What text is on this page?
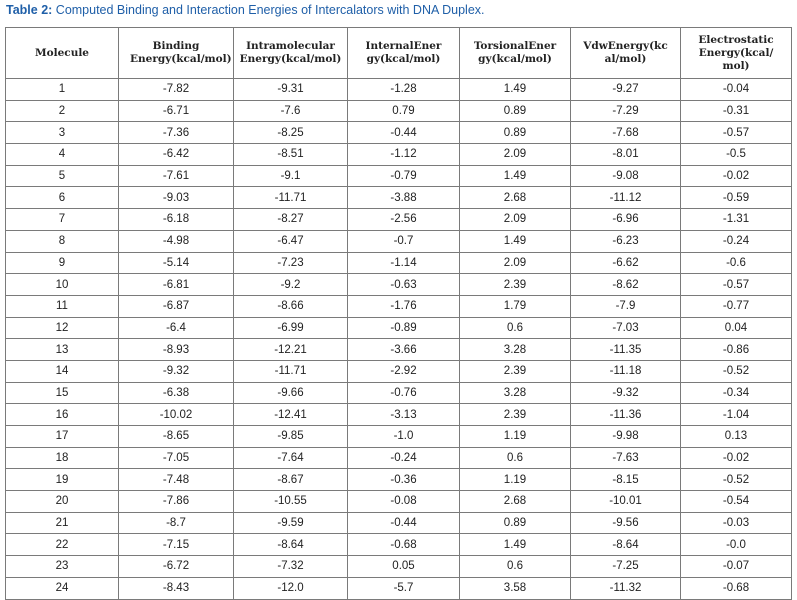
Table 2: Computed Binding and Interaction Energies of Intercalators with DNA Duplex.
Molecule	Binding Energy(kcal/mol)	Intramolecular Energy(kcal/mol)	InternalEnergy(kcal/mol)	TorsionalEnergy(kcal/mol)	VdwEnergy(kcal/mol)	ElectrostaticEnergy(kcal/mol)
1	-7.82	-9.31	-1.28	1.49	-9.27	-0.04
2	-6.71	-7.6	0.79	0.89	-7.29	-0.31
3	-7.36	-8.25	-0.44	0.89	-7.68	-0.57
4	-6.42	-8.51	-1.12	2.09	-8.01	-0.5
5	-7.61	-9.1	-0.79	1.49	-9.08	-0.02
6	-9.03	-11.71	-3.88	2.68	-11.12	-0.59
7	-6.18	-8.27	-2.56	2.09	-6.96	-1.31
8	-4.98	-6.47	-0.7	1.49	-6.23	-0.24
9	-5.14	-7.23	-1.14	2.09	-6.62	-0.6
10	-6.81	-9.2	-0.63	2.39	-8.62	-0.57
11	-6.87	-8.66	-1.76	1.79	-7.9	-0.77
12	-6.4	-6.99	-0.89	0.6	-7.03	0.04
13	-8.93	-12.21	-3.66	3.28	-11.35	-0.86
14	-9.32	-11.71	-2.92	2.39	-11.18	-0.52
15	-6.38	-9.66	-0.76	3.28	-9.32	-0.34
16	-10.02	-12.41	-3.13	2.39	-11.36	-1.04
17	-8.65	-9.85	-1.0	1.19	-9.98	0.13
18	-7.05	-7.64	-0.24	0.6	-7.63	-0.02
19	-7.48	-8.67	-0.36	1.19	-8.15	-0.52
20	-7.86	-10.55	-0.08	2.68	-10.01	-0.54
21	-8.7	-9.59	-0.44	0.89	-9.56	-0.03
22	-7.15	-8.64	-0.68	1.49	-8.64	-0.0
23	-6.72	-7.32	0.05	0.6	-7.25	-0.07
24	-8.43	-12.0	-5.7	3.58	-11.32	-0.68
